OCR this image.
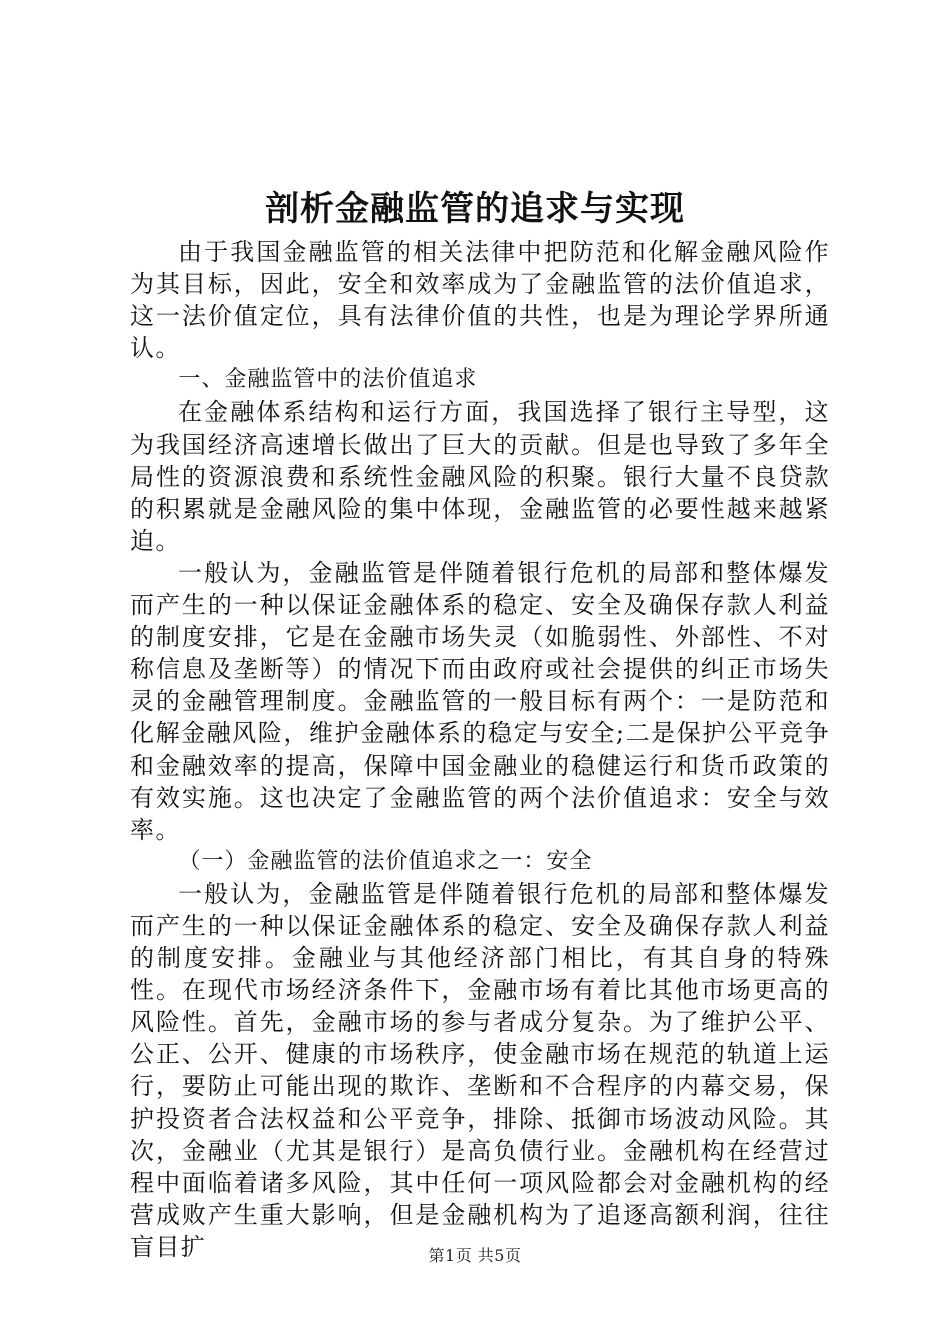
剖析金融监管的追求与实现

由于我国金融监管的相关法律中把防范和化解金融风险作为其目标，因此，安全和效率成为了金融监管的法价值追求，这一法价值定位，具有法律价值的共性，也是为理论学界所通认。

一、金融监管中的法价值追求

在金融体系结构和运行方面，我国选择了银行主导型，这为我国经济高速增长做出了巨大的贡献。但是也导致了多年全局性的资源浪费和系统性金融风险的积聚。银行大量不良贷款的积累就是金融风险的集中体现，金融监管的必要性越来越紧迫。

一般认为，金融监管是伴随着银行危机的局部和整体爆发而产生的一种以保证金融体系的稳定、安全及确保存款人利益的制度安排，它是在金融市场失灵（如脆弱性、外部性、不对称信息及垄断等）的情况下而由政府或社会提供的纠正市场失灵的金融管理制度。金融监管的一般目标有两个：一是防范和化解金融风险，维护金融体系的稳定与安全;二是保护公平竞争和金融效率的提高，保障中国金融业的稳健运行和货币政策的有效实施。这也决定了金融监管的两个法价值追求：安全与效率。

（一）金融监管的法价值追求之一：安全

一般认为，金融监管是伴随着银行危机的局部和整体爆发而产生的一种以保证金融体系的稳定、安全及确保存款人利益的制度安排。金融业与其他经济部门相比，有其自身的特殊性。在现代市场经济条件下，金融市场有着比其他市场更高的风险性。首先，金融市场的参与者成分复杂。为了维护公平、公正、公开、健康的市场秩序，使金融市场在规范的轨道上运行，要防止可能出现的欺诈、垄断和不合程序的内幕交易，保护投资者合法权益和公平竞争，排除、抵御市场波动风险。其次，金融业（尤其是银行）是高负债行业。金融机构在经营过程中面临着诸多风险，其中任何一项风险都会对金融机构的经营成败产生重大影响，但是金融机构为了追逐高额利润，往往盲目扩	第1页 共5页
